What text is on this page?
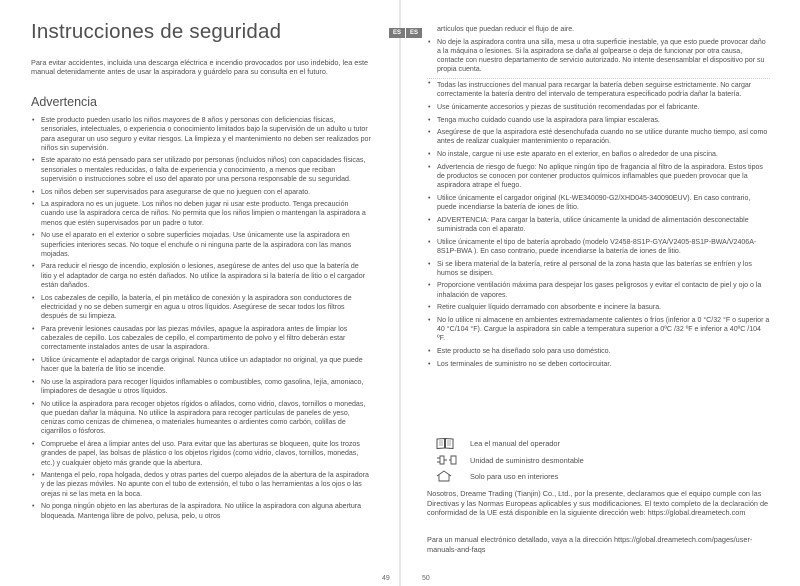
Instrucciones de seguridad

Para evitar accidentes, incluida una descarga eléctrica e incendio provocados por uso indebido, lea este manual detenidamente antes de usar la aspiradora y guárdelo para su consulta en el futuro.

Advertencia
• Este producto pueden usarlo los niños mayores de 8 años y personas con deficiencias físicas, sensoriales, intelectuales, o experiencia o conocimiento limitados bajo la supervisión de un adulto u tutor para asegurar un uso seguro y evitar riesgos. La limpieza y el mantenimiento no deben ser realizados por niños sin supervisión.
• Este aparato no está pensado para ser utilizado por personas (incluidos niños) con capacidades físicas, sensoriales o mentales reducidas, o falta de experiencia y conocimiento, a menos que reciban supervisión o instrucciones sobre el uso del aparato por una persona responsable de su seguridad.
• Los niños deben ser supervisados para asegurarse de que no jueguen con el aparato.
• La aspiradora no es un juguete. Los niños no deben jugar ni usar este producto. Tenga precaución cuando use la aspiradora cerca de niños. No permita que los niños limpien o mantengan la aspiradora a menos que estén supervisados por un padre o tutor.
• No use el aparato en el exterior o sobre superficies mojadas. Use únicamente use la aspiradora en superficies interiores secas. No toque el enchufe o ni ninguna parte de la aspiradora con las manos mojadas.
• Para reducir el riesgo de incendio, explosión o lesiones, asegúrese de antes del uso que la batería de litio y el adaptador de carga no estén dañados. No utilice la aspiradora si la batería de litio o el cargador están dañados.
• Los cabezales de cepillo, la batería, el pin metálico de conexión y la aspiradora son conductores de electricidad y no se deben sumergir en agua u otros líquidos. Asegúrese de secar todos los filtros después de su limpieza.
• Para prevenir lesiones causadas por las piezas móviles, apague la aspiradora antes de limpiar los cabezales de cepillo. Los cabezales de cepillo, el compartimento de polvo y el filtro deberán estar correctamente instalados antes de usar la aspiradora.
• Utilice únicamente el adaptador de carga original. Nunca utilice un adaptador no original, ya que puede hacer que la batería de litio se incendie.
• No use la aspiradora para recoger líquidos inflamables o combustibles, como gasolina, lejía, amoniaco, limpiadores de desagüe u otros líquidos.
• No utilice la aspiradora para recoger objetos rígidos o afilados, como vidrio, clavos, tornillos o monedas, que puedan dañar la máquina. No utilice la aspiradora para recoger partículas de paneles de yeso, cenizas como cenizas de chimenea, o materiales humeantes o ardientes como carbón, colillas de cigarrillos o fósforos.
• Compruebe el área a limpiar antes del uso. Para evitar que las aberturas se bloqueen, quite los trozos grandes de papel, las bolsas de plástico o los objetos rígidos (como vidrio, clavos, tornillos, monedas, etc.) y cualquier objeto más grande que la abertura.
• Mantenga el pelo, ropa holgada, dedos y otras partes del cuerpo alejados de la abertura de la aspiradora y de las piezas móviles. No apunte con el tubo de extensión, el tubo o las herramientas a los ojos o las orejas ni se las meta en la boca.
• No ponga ningún objeto en las aberturas de la aspiradora. No utilice la aspiradora con alguna abertura bloqueada. Mantenga libre de polvo, pelusa, pelo, u otros
ES
49
ES	artículos que puedan reducir el flujo de aire.
• No deje la aspiradora contra una silla, mesa u otra superficie inestable, ya que esto puede provocar daño a la máquina o lesiones. Si la aspiradora se daña al golpearse o deja de funcionar por otra causa, contacte con nuestro departamento de servicio autorizado. No intente desensamblar el dispositivo por su propia cuenta.
• Todas las instrucciones del manual para recargar la batería deben seguirse estrictamente. No cargar correctamente la batería dentro del intervalo de temperatura especificado podría dañar la batería.
• Use únicamente accesorios y piezas de sustitución recomendadas por el fabricante.
• Tenga mucho cuidado cuando use la aspiradora para limpiar escaleras.
• Asegúrese de que la aspiradora esté desenchufada cuando no se utilice durante mucho tiempo, así como antes de realizar cualquier mantenimiento o reparación.
• No instale, cargue ni use este aparato en el exterior, en baños o alrededor de una piscina.
• Advertencia de riesgo de fuego: No aplique ningún tipo de fragancia al filtro de la aspiradora. Estos tipos de productos se conocen por contener productos químicos inflamables que pueden provocar que la aspiradora atrape el fuego.
• Utilice únicamente el cargador original (KL-WE340090-G2/XHD045-340090EUV). En caso contrario, puede incendiarse la batería de iones de litio.
• ADVERTENCIA: Para cargar la batería, utilice únicamente la unidad de alimentación desconectable suministrada con el aparato.
• Utilice únicamente el tipo de batería aprobado (modelo V2458-8S1P-GYA/V2405-8S1P-BWA/V2406A-8S1P-BWA ). En caso contrario, puede incendiarse la batería de iones de litio.
• Si se libera material de la batería, retire al personal de la zona hasta que las baterías se enfríen y los humos se disipen.
• Proporcione ventilación máxima para despejar los gases peligrosos y evitar el contacto de piel y ojo o la inhalación de vapores.
• Retire cualquier líquido derramado con absorbente e incinere la basura.
• No lo utilice ni almacene en ambientes extremadamente calientes o fríos (inferior a 0 °C/32 °F o superior a 40 °C/104 °F). Cargue la aspiradora sin cable a temperatura superior a 0ºC /32 ºF e inferior a 40ºC /104 ºF.
• Este producto se ha diseñado solo para uso doméstico.
• Los terminales de suministro no se deben cortocircuitar.
Lea el manual del operador
Unidad de suministro desmontable
Solo para uso en interiores

Nosotros, Dreame Trading (Tianjin) Co., Ltd., por la presente, declaramos que el equipo cumple con las Directivas y las Normas Europeas aplicables y sus modificaciones. El texto completo de la declaración de conformidad de la UE está disponible en la siguiente dirección web: https://global.dreametech.com

Para un manual electrónico detallado, vaya a la dirección https://global.dreametech.com/pages/user-manuals-and-faqs

50
